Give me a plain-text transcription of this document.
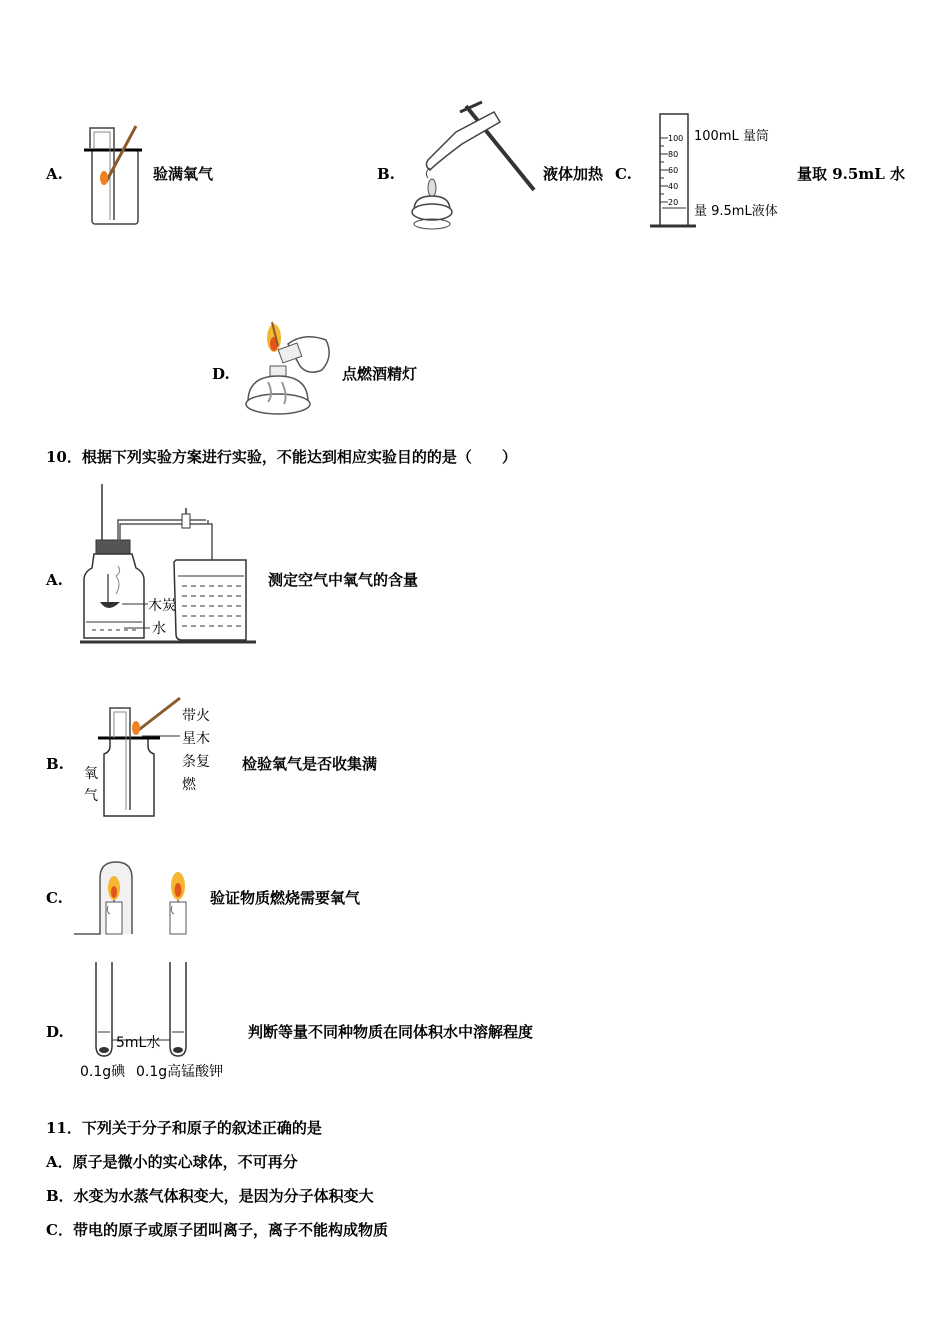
A.	验满氧气	B.	液体加热 C.
100
80
60
40
20
100mL 量筒
量 9.5mL液体
量取 9.5mL 水
D.	点燃酒精灯
10．根据下列实验方案进行实验，不能达到相应实验目的的是（　　）
A.
木炭
水
测定空气中氧气的含量
B.
带火
星木
条复
燃
氧
气
检验氧气是否收集满
C.	验证物质燃烧需要氧气
D.
5mL水
0.1g碘 0.1g高锰酸钾
判断等量不同种物质在同体积水中溶解程度
11．下列关于分子和原子的叙述正确的是
A．原子是微小的实心球体，不可再分
B．水变为水蒸气体积变大，是因为分子体积变大
C．带电的原子或原子团叫离子，离子不能构成物质
